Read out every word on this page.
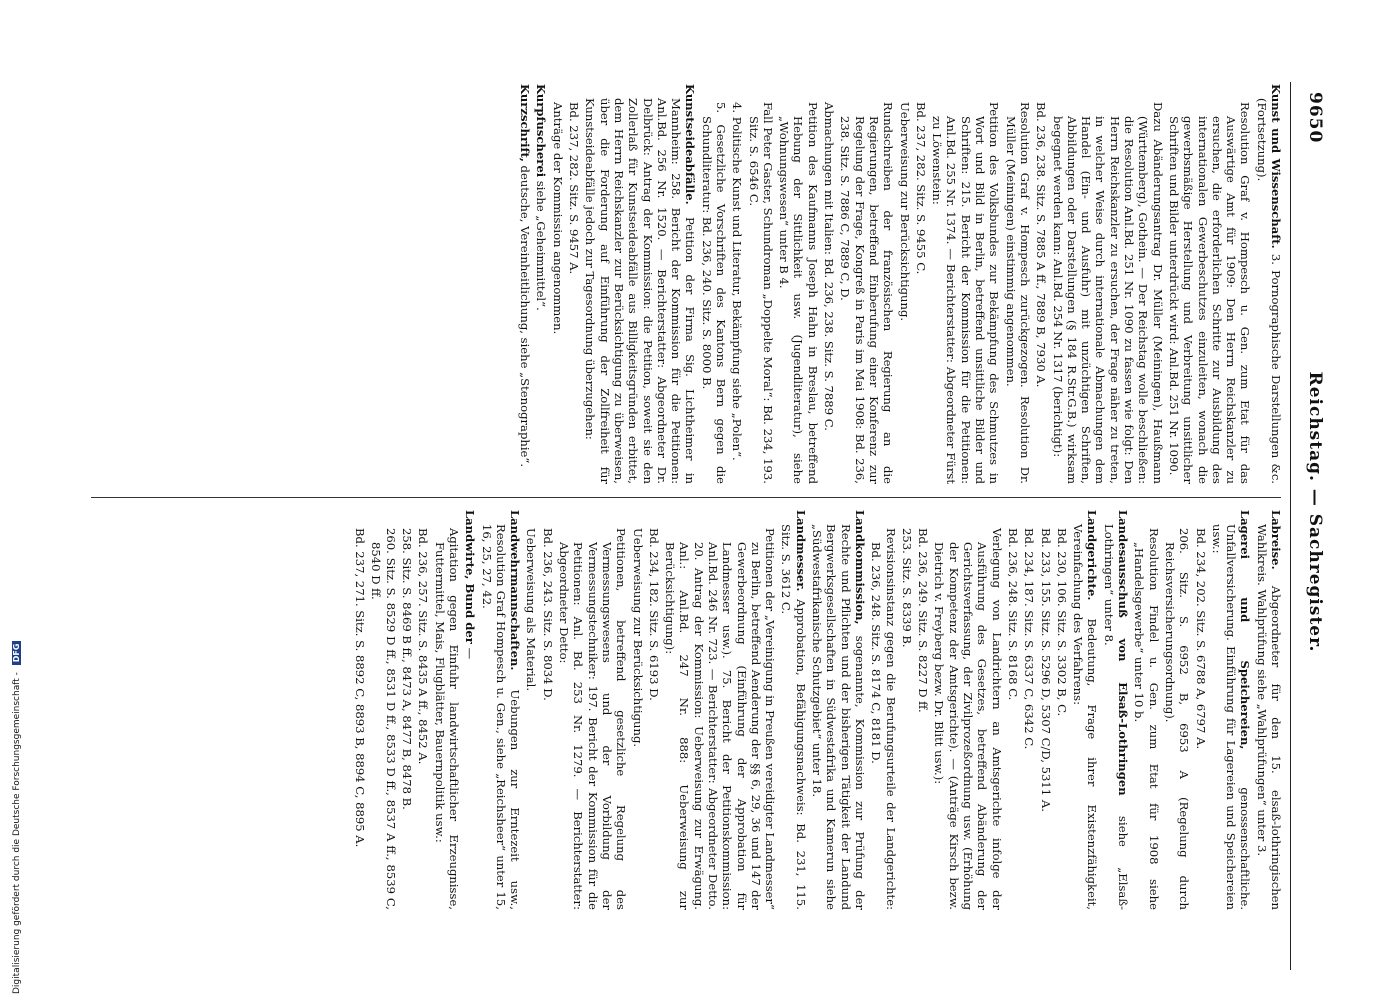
9650
Reichstag. — Sachregister.
Kunst und Wissenschaft. 3. Pornographische Darstellungen &c. (Fortsetzung).
Resolution Graf v. Hompesch u. Gen. zum Etat für das Auswärtige Amt für 1909: Den Herrn Reichskanzler zu ersuchen, die erforderlichen Schritte zur Ausbildung des internationalen Gewerbeschutzes einzuleiten, wonach die gewerbsmäßige Herstellung und Verbreitung unsittlicher Schriften und Bilder unterdrückt wird: Anl.Bd. 251 Nr. 1090.
Dazu Abänderungsantrag Dr. Müller (Meiningen), Haußmann (Württemberg), Gothein. — Der Reichstag wolle beschließen: die Resolution Anl.Bd. 251 Nr. 1090 zu fassen wie folgt: Den Herrn Reichskanzler zu ersuchen, der Frage näher zu treten, in welcher Weise durch internationale Abmachungen dem Handel (Ein- und Ausfuhr) mit unzüchtigen Schriften, Abbildungen oder Darstellungen (§ 184 R.Str.G.B.) wirksam begegnet werden kann: Anl.Bd. 254 Nr. 1317 (berichtigt):
Bd. 236, 238. Sitz. S. 7885 A ff., 7889 B, 7930 A.
Resolution Graf v. Hompesch zurückgezogen. Resolution Dr. Müller (Meiningen) einstimmig angenommen.
Petition des Volksbundes zur Bekämpfung des Schmutzes in Wort und Bild in Berlin, betreffend unsittliche Bilder und Schriften: 215. Bericht der Kommission für die Petitionen: Anl.Bd. 255 Nr. 1374. — Berichterstatter: Abgeordneter Fürst zu Löwenstein:
Bd. 237, 282. Sitz. S. 9455 C.
Ueberweisung zur Berücksichtigung.
Rundschreiben der französischen Regierung an die Regierungen, betreffend Einberufung einer Konferenz zur Regelung der Frage, Kongreß in Paris im Mai 1908: Bd. 236, 238. Sitz. S. 7886 C, 7889 C, D.
Abmachungen mit Italien: Bd. 236, 238. Sitz. S. 7889 C.
Petition des Kaufmanns Joseph Hahn in Breslau, betreffend Hebung der Sittlichkeit usw. (Jugendliteratur), siehe „Wohnungswesen“ unter B 4.
Fall Peter Gaster, Schundroman „Doppelte Moral“: Bd. 234, 193. Sitz. S. 6546 C.
4. Politische Kunst und Literatur, Bekämpfung siehe „Polen“.
5. Gesetzliche Vorschriften des Kantons Bern gegen die Schundliteratur: Bd. 236, 240. Sitz. S. 8000 B.
Kunstseideabfälle. Petition der Firma Sig. Lichtheimer in Mannheim: 258. Bericht der Kommission für die Petitionen: Anl.Bd. 256 Nr. 1520. — Berichterstatter: Abgeordneter Dr. Delbrück: Antrag der Kommission: die Petition, soweit sie den Zollerlaß für Kunstseideabfälle aus Billigkeitsgründen erbittet, dem Herrn Reichskanzler zur Berücksichtigung zu überweisen, über die Forderung auf Einführung der Zollfreiheit für Kunstseideabfälle jedoch zur Tagesordnung überzugehen:
Bd. 237, 282. Sitz. S. 9457 A.
Anträge der Kommission angenommen.
Kurpfuscherei siehe „Geheimmittel“.
Kurzschrift, deutsche, Vereinheitlichung, siehe „Stenographie“.
Labreise. Abgeordneter für den 15. elsaß-lothringischen Wahlkreis. Wahlprüfung siehe „Wahlprüfungen“ unter 3.
Lagerei und Speichereien, genossenschaftliche. Unfallversicherung. Einführung für Lagereien und Speichereien usw.:
Bd. 234, 202. Sitz. S. 6788 A, 6797 A.
206. Sitz. S. 6952 B, 6953 A (Regelung durch Reichsversicherungsordnung).
Resolution Findel u. Gen. zum Etat für 1908 siehe „Handelsgewerbe“ unter 10 b.
Landesausschuß von Elsaß-Lothringen siehe „Elsaß-Lothringen“ unter 8.
Landgerichte. Bedeutung, Frage ihrer Existenzfähigkeit, Vereinfachung des Verfahrens:
Bd. 230, 106. Sitz. S. 3302 B, C.
Bd. 233, 155. Sitz. S. 5296 D, 5307 C/D, 5311 A.
Bd. 234, 187. Sitz. S. 6337 C, 6342 C.
Bd. 236, 248. Sitz. S. 8168 C.
Verlegung von Landrichtern an Amtsgerichte infolge der Ausführung des Gesetzes, betreffend Abänderung der Gerichtsverfassung, der Zivilprozeßordnung usw. (Erhöhung der Kompetenz der Amtsgerichte). — (Anträge Kirsch bezw. Dietrich v. Freyberg bezw. Dr. Blitt usw.):
Bd. 236, 249. Sitz. S. 8227 D ff.
253. Sitz. S. 8339 B.
Revisionsinstanz gegen die Berufungsurteile der Landgerichte: Bd. 236, 248. Sitz. S. 8174 C, 8181 D.
Landkommission, sogenannte, Kommission zur Prüfung der Rechte und Pflichten und der bisherigen Tätigkeit der Landund Bergwerksgesellschaften in Südwestafrika und Kamerun siehe „Südwestafrikanische Schutzgebiet“ unter 18.
Landmesser. Approbation, Befähigungsnachweis: Bd. 231, 115. Sitz. S. 3612 C.
Petitionen der „Vereinigung in Preußen vereidigter Landmesser“ zu Berlin, betreffend Aenderung der §§ 6, 29, 36 und 147 der Gewerbeordnung (Einführung der Approbation für Landmesser usw.). 75. Bericht der Petitionskommission: Anl.Bd. 246 Nr. 723. — Berichterstatter: Abgeordneter Detto. 20. Antrag der Kommission: Ueberweisung zur Erwägung. Anl.: Anl.Bd. 247 Nr. 888: Ueberweisung zur Berücksichtigung):
Bd. 234, 182. Sitz. S. 6193 D.
Ueberweisung zur Berücksichtigung.
Petitionen, betreffend gesetzliche Regelung des Vermessungswesens und der Vorbildung der Vermessungstechniker: 197. Bericht der Kommission für die Petitionen: Anl. Bd. 253 Nr. 1279. — Berichterstatter: Abgeordneter Detto:
Bd. 236, 243. Sitz. S. 8034 D.
Ueberweisung als Material.
Landwehrmannschaften. Uebungen zur Erntezeit usw., Resolution Graf Hompesch u. Gen., siehe „Reichsheer“ unter 15, 16, 25, 27, 42.
Landwirte, Bund der —
Agitation gegen Einfuhr landwirtschaftlicher Erzeugnisse, Futtermittel, Mais, Flugblätter, Bauernpolitik usw.:
Bd. 236, 257. Sitz. S. 8435 A ff., 8452 A.
258. Sitz. S. 8469 B ff., 8473 A, 8477 B, 8478 B.
260. Sitz. S. 8529 D ff., 8531 D ff., 8533 D ff., 8537 A ff., 8539 C, 8540 D ff.
Bd. 237, 271. Sitz. S. 8892 C, 8893 B, 8894 C, 8895 A.
Digitalisierung gefördert durch die Deutsche Forschungsgemeinschaft - DFG
